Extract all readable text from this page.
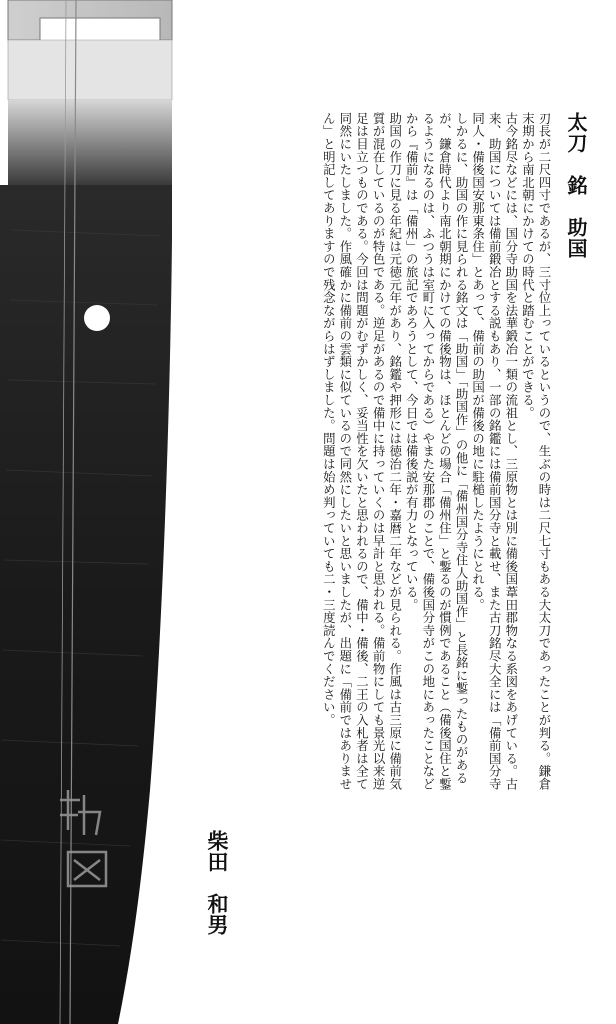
太刀　銘　助国

刃長が二尺四寸であるが、三寸位上っているというので、生ぶの時は二尺七寸もある大太刀であったことが判る。鎌倉末期から南北朝にかけての時代と踏むことができる。

古今銘尽などには、国分寺助国を法華鍛冶一類の流祖とし、三原物とは別に備後国葦田郡物なる系図をあげている。古来、助国については備前鍛冶とする説もあり、一部の銘鑑には備前国分寺と載せ、また古刀銘尽大全には「備前国分寺同人・備後国安那東条住」とあって、備前の助国が備後の地に駐槌したようにとれる。

しかるに、助国の作に見られる銘文は「助国」「助国作」の他に「備州国分寺住人助国作」と長銘に鏨ったものがあるが、鎌倉時代より南北朝期にかけての備後物は、ほとんどの場合「備州住」と鏨るのが慣例であること（備後国住と鏨るようになるのは、ふつうは室町に入ってからである）やまた安那郡のことで、備後国分寺がこの地にあったことなどから『備前』は「備州」の旅記であろうとして、今日では備後説が有力となっている。

助国の作刀に見る年紀は元徳元年があり、銘鑑や押形には徳治二年・嘉暦二年などが見られる。作風は古三原に備前気質が混在しているのが特色である。逆足があるので備中に持っていくのは早計と思われる。備前物にしても景光以来逆足は目立つものである。今回は問題がむずかしく、妥当性を欠いたと思われるので、備中・備後、二王の入札者は全て同然にいたしました。作風確かに備前の雲類に似ているので同然にしたいと思いましたが、出題に「備前ではありません」と明記してありますので残念ながらはずしました。問題は始め判っていても二・三度読んでください。

柴田　和男
